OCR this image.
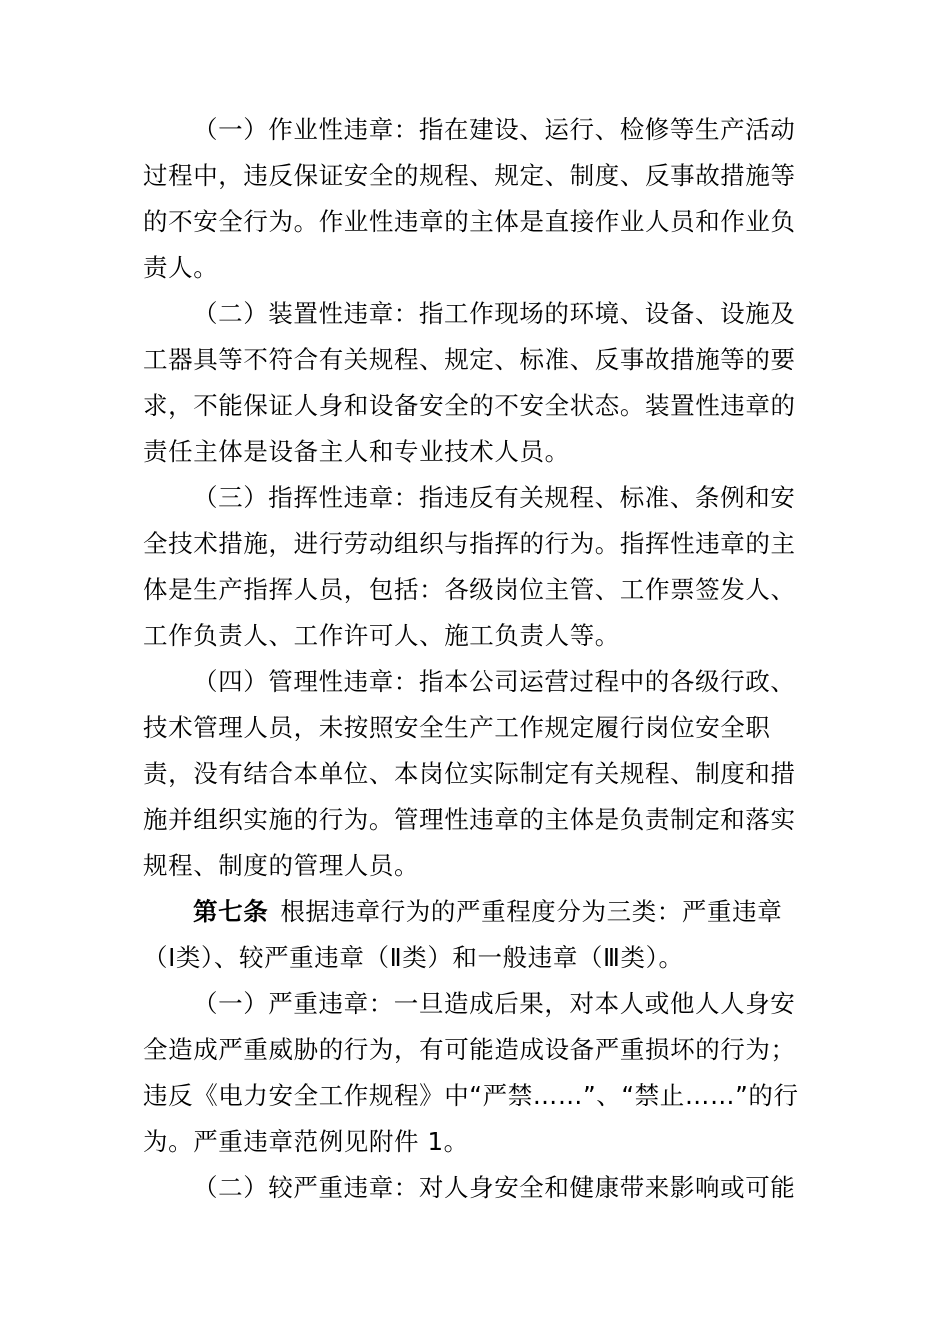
（一）作业性违章：指在建设、运行、检修等生产活动

过程中，违反保证安全的规程、规定、制度、反事故措施等

的不安全行为。作业性违章的主体是直接作业人员和作业负

责人。

（二）装置性违章：指工作现场的环境、设备、设施及

工器具等不符合有关规程、规定、标准、反事故措施等的要

求，不能保证人身和设备安全的不安全状态。装置性违章的

责任主体是设备主人和专业技术人员。

（三）指挥性违章：指违反有关规程、标准、条例和安

全技术措施，进行劳动组织与指挥的行为。指挥性违章的主

体是生产指挥人员，包括：各级岗位主管、工作票签发人、

工作负责人、工作许可人、施工负责人等。

（四）管理性违章：指本公司运营过程中的各级行政、

技术管理人员，未按照安全生产工作规定履行岗位安全职

责，没有结合本单位、本岗位实际制定有关规程、制度和措

施并组织实施的行为。管理性违章的主体是负责制定和落实

规程、制度的管理人员。

第七条 根据违章行为的严重程度分为三类：严重违章

（Ⅰ类）、较严重违章（Ⅱ类）和一般违章（Ⅲ类）。

（一）严重违章：一旦造成后果，对本人或他人人身安

全造成严重威胁的行为，有可能造成设备严重损坏的行为；

违反《电力安全工作规程》中“严禁……”、“禁止……”的行

为。严重违章范例见附件 1。

（二）较严重违章：对人身安全和健康带来影响或可能
